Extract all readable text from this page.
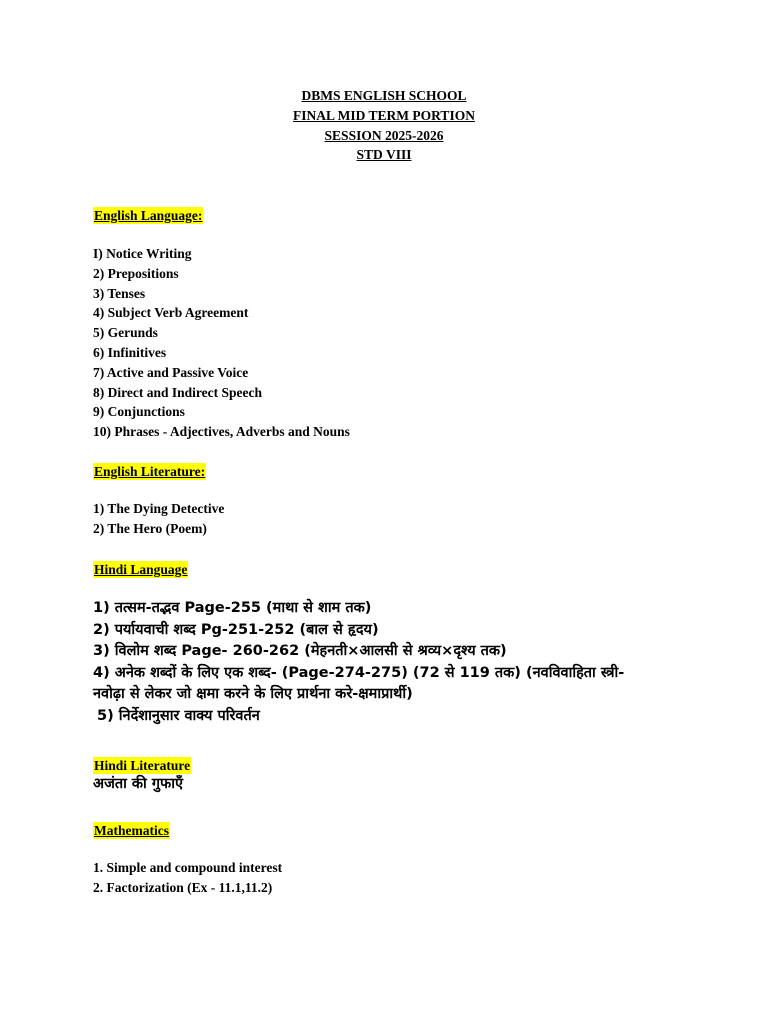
DBMS ENGLISH SCHOOL
FINAL MID TERM PORTION
SESSION 2025-2026
STD VIII
English Language:
I) Notice Writing
2) Prepositions
3) Tenses
4) Subject Verb Agreement
5) Gerunds
6) Infinitives
7) Active and Passive Voice
8) Direct and Indirect Speech
9) Conjunctions
10) Phrases - Adjectives, Adverbs and Nouns
English Literature:
1) The Dying Detective
2) The Hero (Poem)
Hindi Language
1) तत्सम-तद्भव Page-255 (माथा से शाम तक)
2) पर्यायवाची शब्द Pg-251-252 (बाल से हृदय)
3) विलोम शब्द Page- 260-262 (मेहनती×आलसी से श्रव्य×दृश्य तक)
4) अनेक शब्दों के लिए एक शब्द- (Page-274-275) (72 से 119 तक) (नवविवाहिता स्त्री-नवोढ़ा से लेकर जो क्षमा करने के लिए प्रार्थना करे-क्षमाप्रार्थी)
5) निर्देशानुसार वाक्य परिवर्तन
Hindi Literature
अजंता की गुफाएँ
Mathematics
1. Simple and compound interest
2. Factorization (Ex - 11.1,11.2)
